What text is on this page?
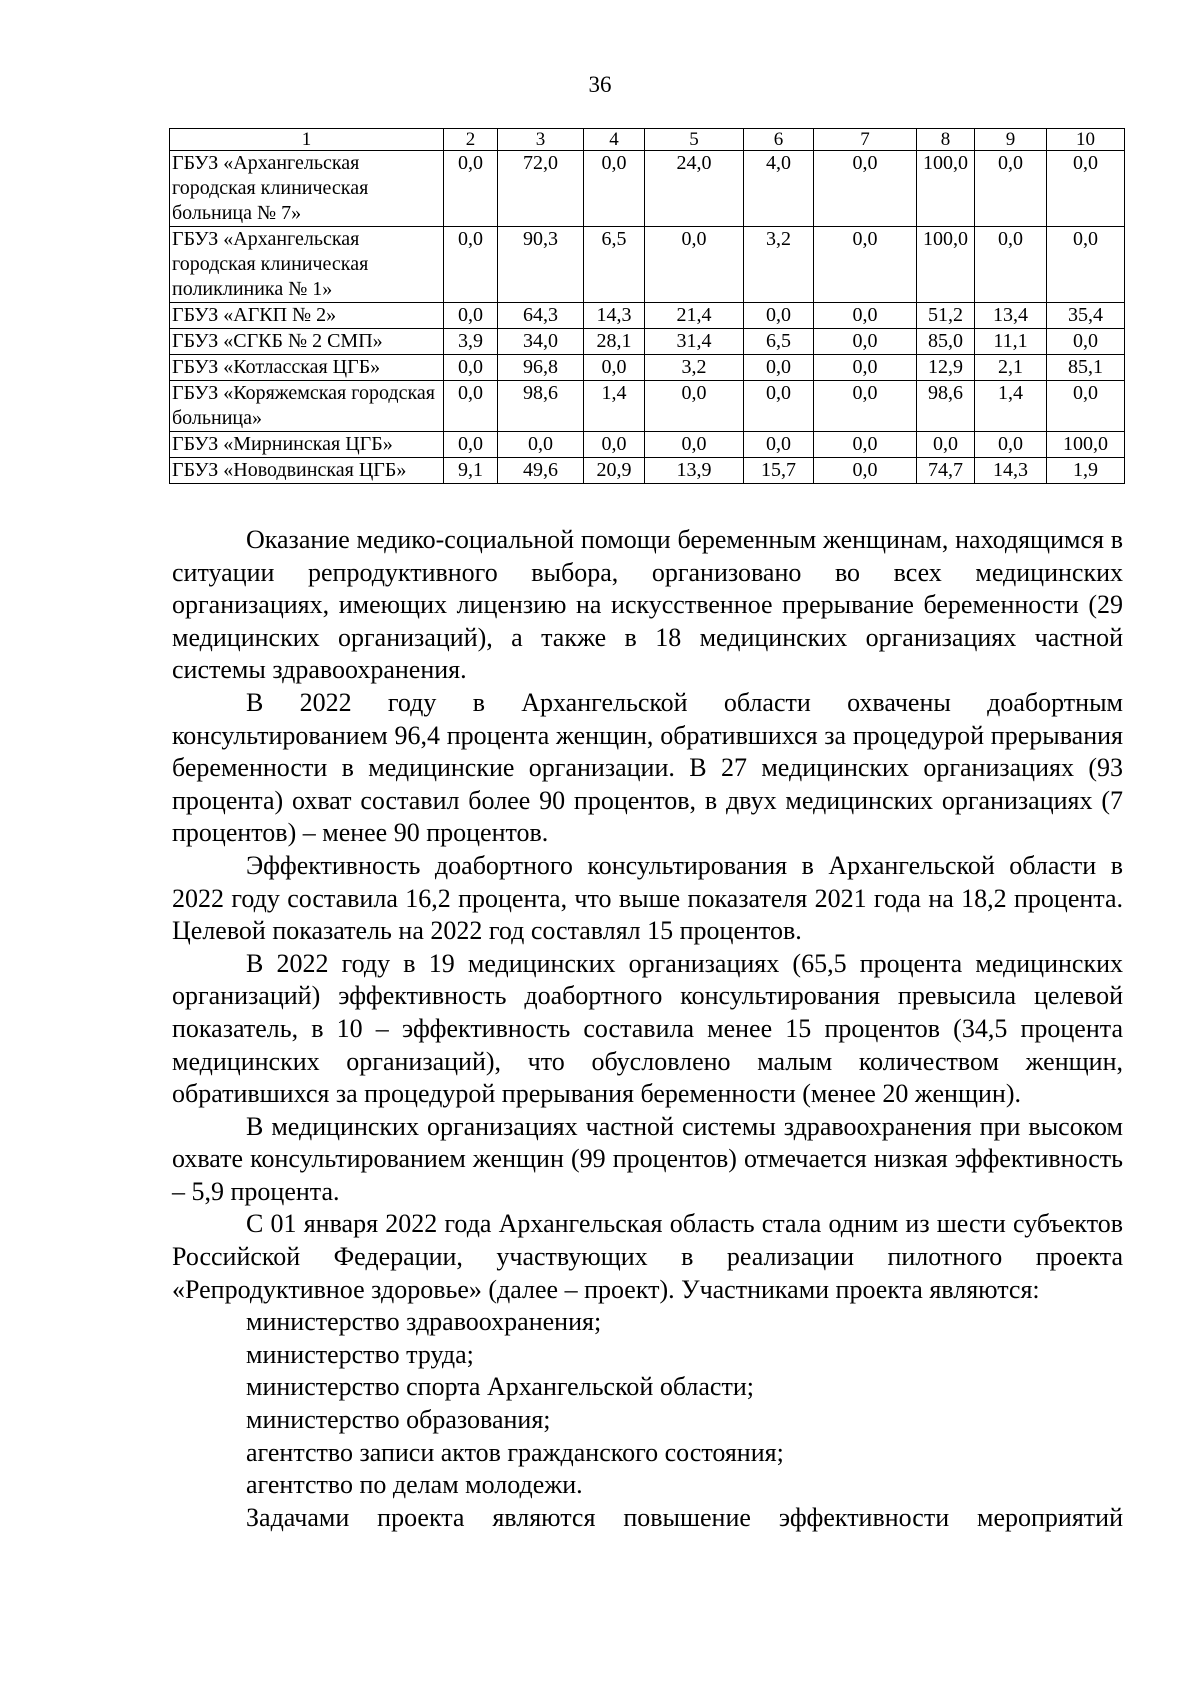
36
1	2	3	4	5	6	7	8	9	10
ГБУЗ «Архангельская городская клиническая больница № 7»	0,0	72,0	0,0	24,0	4,0	0,0	100,0	0,0	0,0
ГБУЗ «Архангельская городская клиническая поликлиника № 1»	0,0	90,3	6,5	0,0	3,2	0,0	100,0	0,0	0,0
ГБУЗ «АГКП № 2»	0,0	64,3	14,3	21,4	0,0	0,0	51,2	13,4	35,4
ГБУЗ «СГКБ № 2 СМП»	3,9	34,0	28,1	31,4	6,5	0,0	85,0	11,1	0,0
ГБУЗ «Котласская ЦГБ»	0,0	96,8	0,0	3,2	0,0	0,0	12,9	2,1	85,1
ГБУЗ «Коряжемская городская больница»	0,0	98,6	1,4	0,0	0,0	0,0	98,6	1,4	0,0
ГБУЗ «Мирнинская ЦГБ»	0,0	0,0	0,0	0,0	0,0	0,0	0,0	0,0	100,0
ГБУЗ «Новодвинская ЦГБ»	9,1	49,6	20,9	13,9	15,7	0,0	74,7	14,3	1,9

Оказание медико-социальной помощи беременным женщинам, находящимся в ситуации репродуктивного выбора, организовано во всех медицинских организациях, имеющих лицензию на искусственное прерывание беременности (29 медицинских организаций), а также в 18 медицинских организациях частной системы здравоохранения.

В 2022 году в Архангельской области охвачены доабортным консультированием 96,4 процента женщин, обратившихся за процедурой прерывания беременности в медицинские организации. В 27 медицинских организациях (93 процента) охват составил более 90 процентов, в двух медицинских организациях (7 процентов) – менее 90 процентов.

Эффективность доабортного консультирования в Архангельской области в 2022 году составила 16,2 процента, что выше показателя 2021 года на 18,2 процента. Целевой показатель на 2022 год составлял 15 процентов.

В 2022 году в 19 медицинских организациях (65,5 процента медицинских организаций) эффективность доабортного консультирования превысила целевой показатель, в 10 – эффективность составила менее 15 процентов (34,5 процента медицинских организаций), что обусловлено малым количеством женщин, обратившихся за процедурой прерывания беременности (менее 20 женщин).

В медицинских организациях частной системы здравоохранения при высоком охвате консультированием женщин (99 процентов) отмечается низкая эффективность – 5,9 процента.

С 01 января 2022 года Архангельская область стала одним из шести субъектов Российской Федерации, участвующих в реализации пилотного проекта «Репродуктивное здоровье» (далее – проект). Участниками проекта являются:

министерство здравоохранения;

министерство труда;

министерство спорта Архангельской области;

министерство образования;

агентство записи актов гражданского состояния;

агентство по делам молодежи.

Задачами проекта являются повышение эффективности мероприятий
